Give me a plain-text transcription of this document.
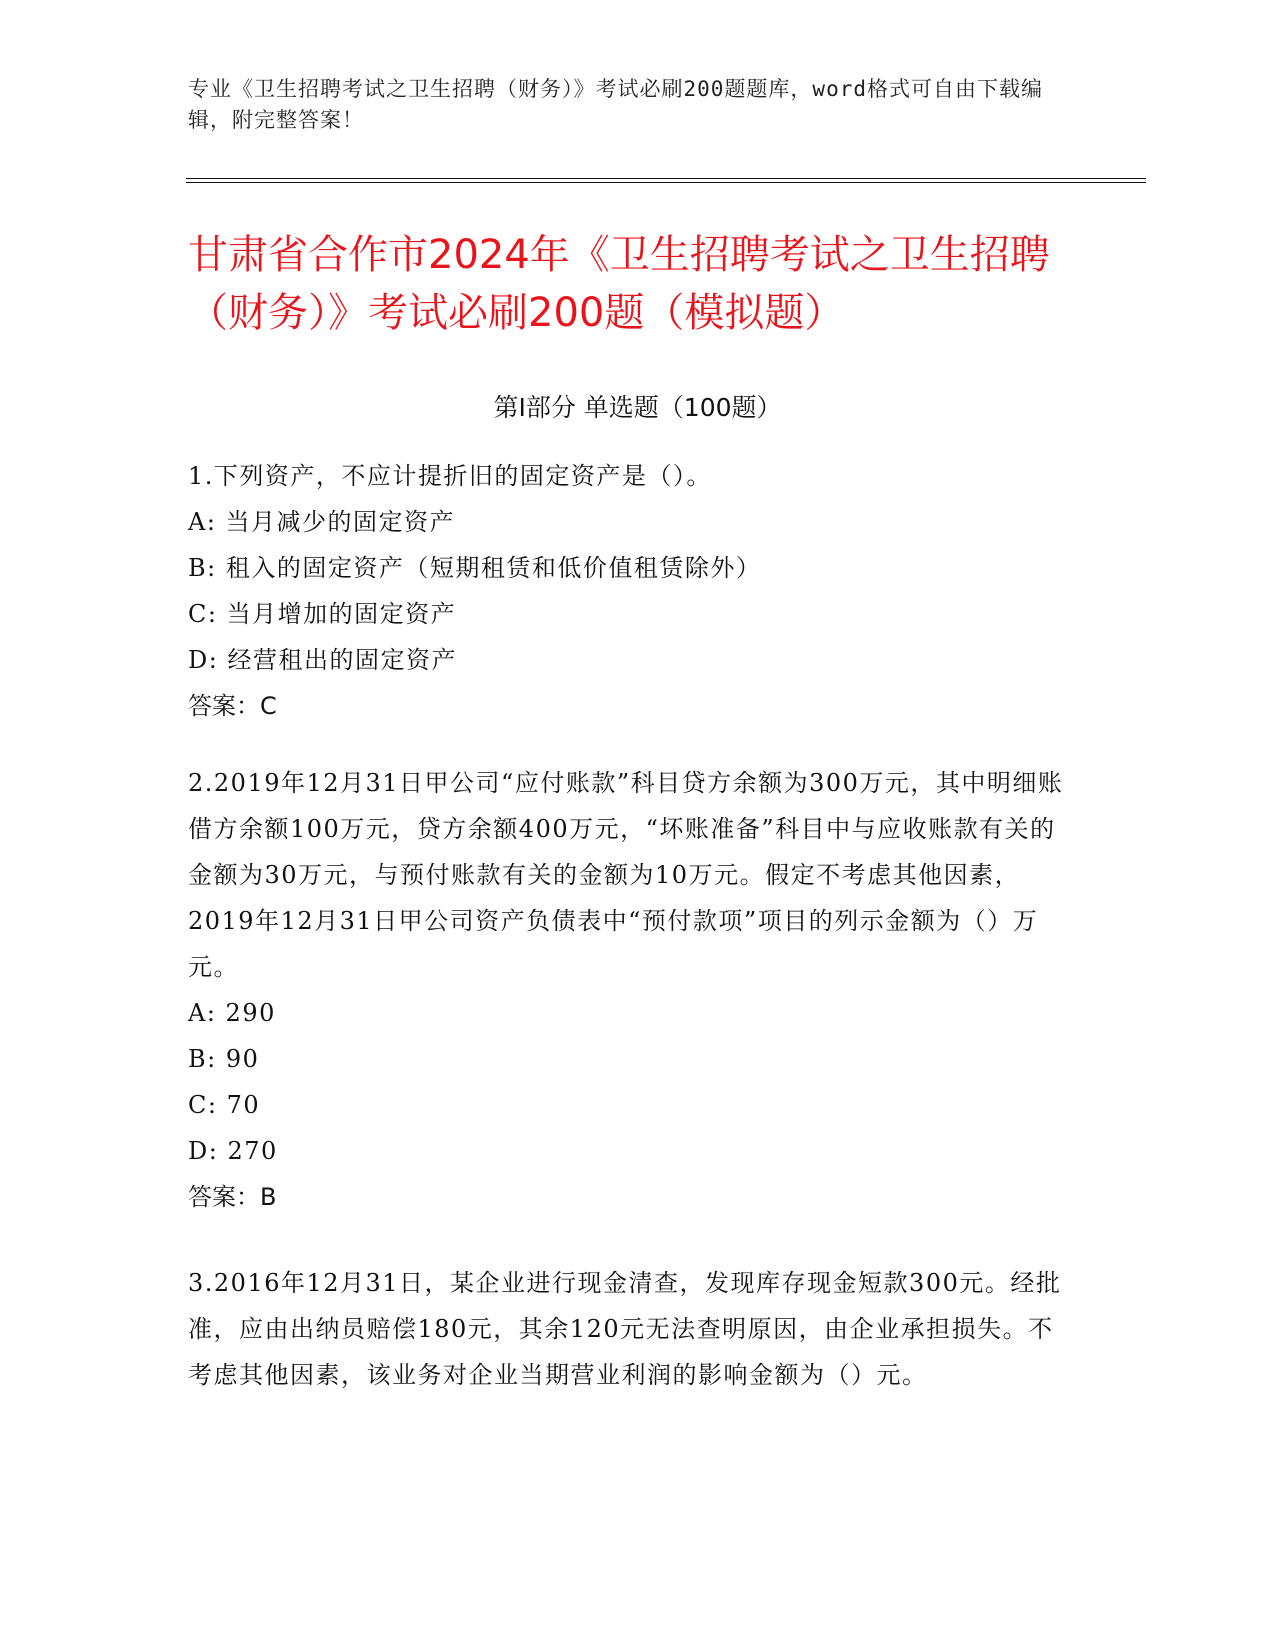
专业《卫生招聘考试之卫生招聘（财务）》考试必刷200题题库，word格式可自由下载编辑，附完整答案！
甘肃省合作市2024年《卫生招聘考试之卫生招聘（财务）》考试必刷200题（模拟题）
第Ⅰ部分 单选题（100题）

1.下列资产，不应计提折旧的固定资产是（）。

A: 当月减少的固定资产

B: 租入的固定资产（短期租赁和低价值租赁除外）

C: 当月增加的固定资产

D: 经营租出的固定资产

答案：C

2.2019年12月31日甲公司“应付账款”科目贷方余额为300万元，其中明细账借方余额100万元，贷方余额400万元，“坏账准备”科目中与应收账款有关的金额为30万元，与预付账款有关的金额为10万元。假定不考虑其他因素，2019年12月31日甲公司资产负债表中“预付款项”项目的列示金额为（）万元。

A: 290

B: 90

C: 70

D: 270

答案：B

3.2016年12月31日，某企业进行现金清查，发现库存现金短款300元。经批准，应由出纳员赔偿180元，其余120元无法查明原因，由企业承担损失。不考虑其他因素，该业务对企业当期营业利润的影响金额为（）元。
